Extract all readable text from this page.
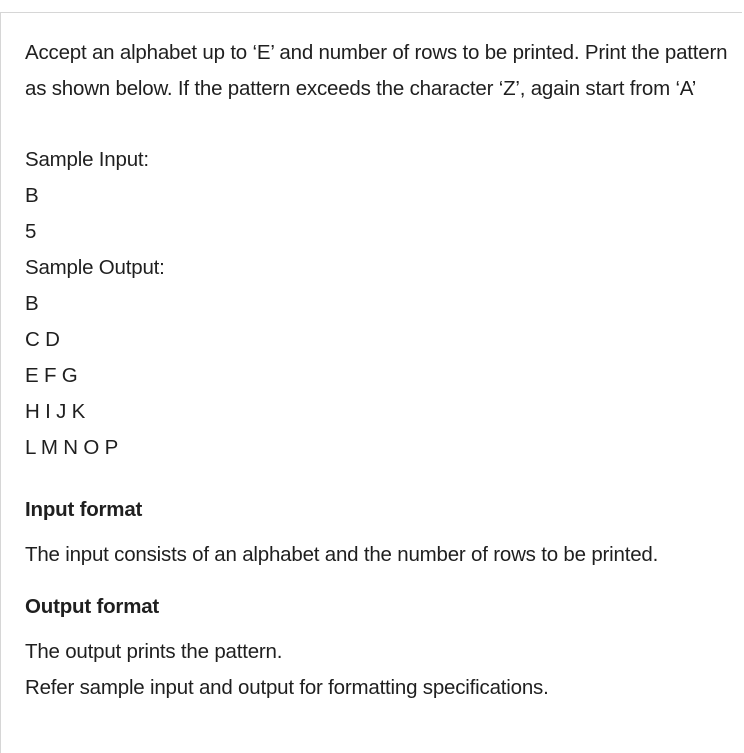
Accept an alphabet up to ‘E’ and number of rows to be printed. Print the pattern as shown below. If the pattern exceeds the character ‘Z’, again start from ‘A’

Sample Input:

B

5

Sample Output:

B

C D

E F G

H I J K

L M N O P

Input format

The input consists of an alphabet and the number of rows to be printed.

Output format

The output prints the pattern.

Refer sample input and output for formatting specifications.
